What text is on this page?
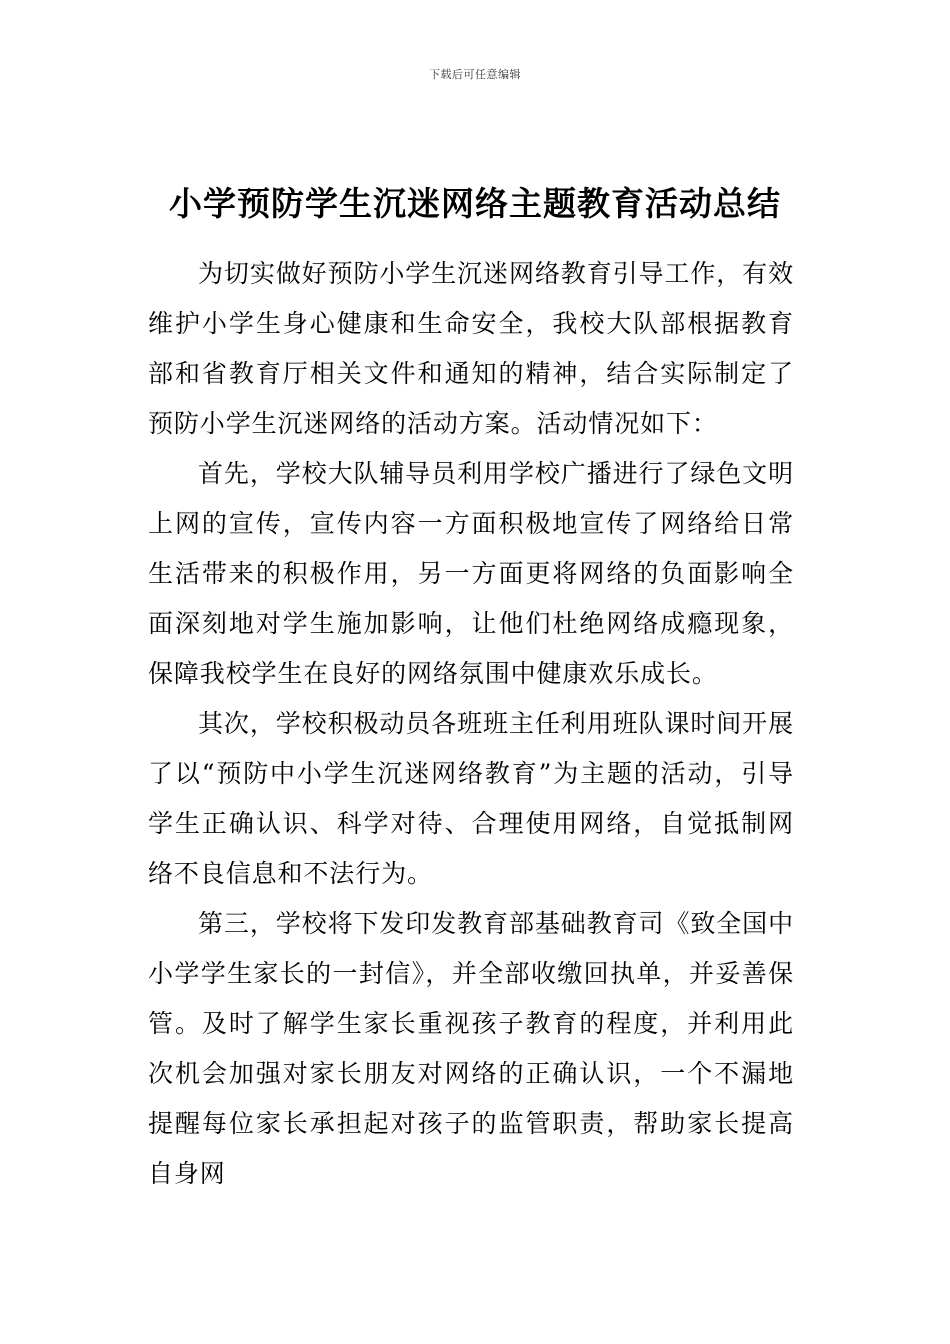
下载后可任意编辑
小学预防学生沉迷网络主题教育活动总结

为切实做好预防小学生沉迷网络教育引导工作，有效维护小学生身心健康和生命安全，我校大队部根据教育部和省教育厅相关文件和通知的精神，结合实际制定了预防小学生沉迷网络的活动方案。活动情况如下：

首先，学校大队辅导员利用学校广播进行了绿色文明上网的宣传，宣传内容一方面积极地宣传了网络给日常生活带来的积极作用，另一方面更将网络的负面影响全面深刻地对学生施加影响，让他们杜绝网络成瘾现象，保障我校学生在良好的网络氛围中健康欢乐成长。

其次，学校积极动员各班班主任利用班队课时间开展了以“预防中小学生沉迷网络教育”为主题的活动，引导学生正确认识、科学对待、合理使用网络，自觉抵制网络不良信息和不法行为。

第三，学校将下发印发教育部基础教育司《致全国中小学学生家长的一封信》，并全部收缴回执单，并妥善保管。及时了解学生家长重视孩子教育的程度，并利用此次机会加强对家长朋友对网络的正确认识，一个不漏地提醒每位家长承担起对孩子的监管职责，帮助家长提高自身网
